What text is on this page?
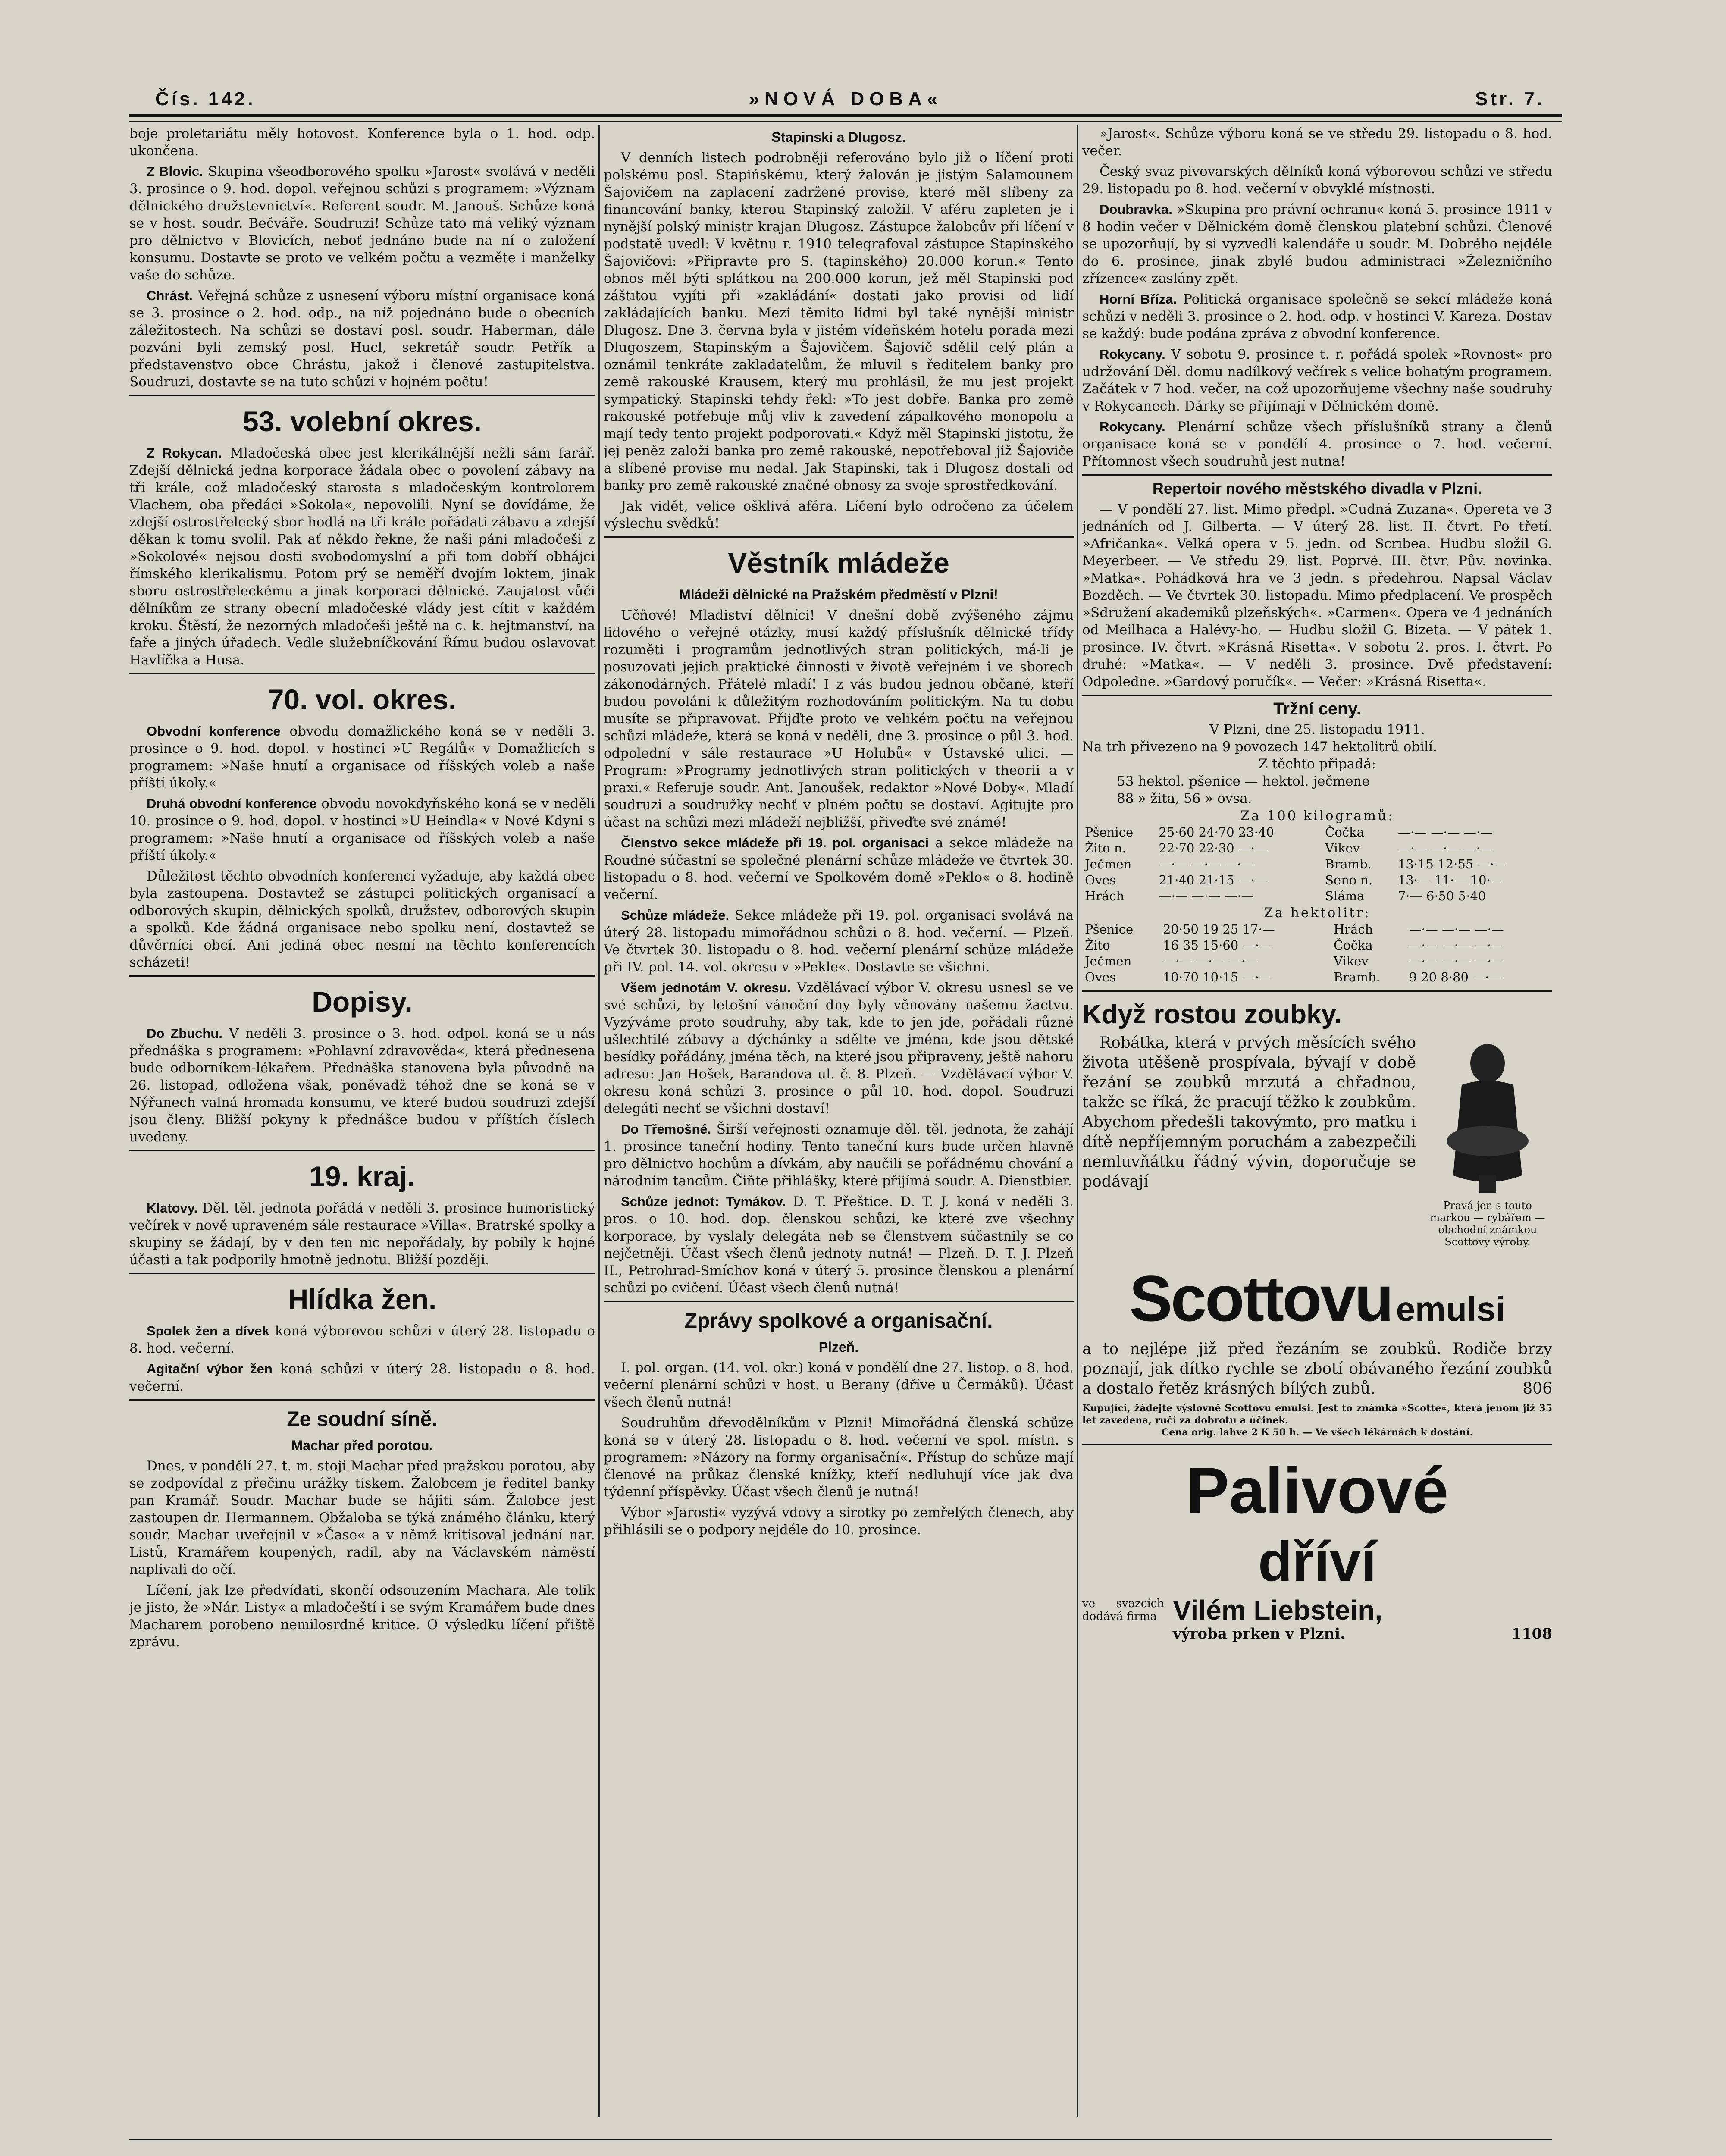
Čís. 142.	»NOVÁ DOBA«	Str. 7.

boje proletariátu měly hotovost. Konference byla o 1. hod. odp. ukončena.

Z Blovic. Skupina všeodborového spolku »Jarost« svolává v neděli 3. prosince o 9. hod. dopol. veřejnou schůzi s programem: »Význam dělnického družstevnictví«. Referent soudr. M. Janouš. Schůze koná se v host. soudr. Bečváře. Soudruzi! Schůze tato má veliký význam pro dělnictvo v Blovicích, neboť jednáno bude na ní o založení konsumu. Dostavte se proto ve velkém počtu a vezměte i manželky vaše do schůze.

Chrást. Veřejná schůze z usnesení výboru místní organisace koná se 3. prosince o 2. hod. odp., na níž pojednáno bude o obecních záležitostech. Na schůzi se dostaví posl. soudr. Haberman, dále pozváni byli zemský posl. Hucl, sekretář soudr. Petřík a představenstvo obce Chrástu, jakož i členové zastupitelstva. Soudruzi, dostavte se na tuto schůzi v hojném počtu!

53. volební okres.

Z Rokycan. Mladočeská obec jest klerikálnější nežli sám farář. Zdejší dělnická jedna korporace žádala obec o povolení zábavy na tři krále, což mladočeský starosta s mladočeským kontrolorem Vlachem, oba předáci »Sokola«, nepovolili. Nyní se dovídáme, že zdejší ostrostřelecký sbor hodlá na tři krále pořádati zábavu a zdejší děkan k tomu svolil. Pak ať někdo řekne, že naši páni mladočeši z »Sokolové« nejsou dosti svobodomyslní a při tom dobří obhájci římského klerikalismu. Potom prý se neměří dvojím loktem, jinak sboru ostrostřeleckému a jinak korporaci dělnické. Zaujatost vůči dělníkům ze strany obecní mladočeské vlády jest cítit v každém kroku. Štěstí, že nezorných mladočeši ještě na c. k. hejtmanství, na faře a jiných úřadech. Vedle služebníčkování Římu budou oslavovat Havlíčka a Husa.

70. vol. okres.

Obvodní konference obvodu domažlického koná se v neděli 3. prosince o 9. hod. dopol. v hostinci »U Regálů« v Domažlicích s programem: »Naše hnutí a organisace od říšských voleb a naše příští úkoly.«

Druhá obvodní konference obvodu novokdyňského koná se v neděli 10. prosince o 9. hod. dopol. v hostinci »U Heindla« v Nové Kdyni s programem: »Naše hnutí a organisace od říšských voleb a naše příští úkoly.«

Důležitost těchto obvodních konferencí vyžaduje, aby každá obec byla zastoupena. Dostavtež se zástupci politických organisací a odborových skupin, dělnických spolků, družstev, odborových skupin a spolků. Kde žádná organisace nebo spolku není, dostavtež se důvěrníci obcí. Ani jediná obec nesmí na těchto konferencích scházeti!

Dopisy.

Do Zbuchu. V neděli 3. prosince o 3. hod. odpol. koná se u nás přednáška s programem: »Pohlavní zdravověda«, která přednesena bude odborníkem-lékařem. Přednáška stanovena byla původně na 26. listopad, odložena však, poněvadž téhož dne se koná se v Nýřanech valná hromada konsumu, ve které budou soudruzi zdejší jsou členy. Bližší pokyny k přednášce budou v příštích číslech uvedeny.

19. kraj.

Klatovy. Děl. těl. jednota pořádá v neděli 3. prosince humoristický večírek v nově upraveném sále restaurace »Villa«. Bratrské spolky a skupiny se žádají, by v den ten nic nepořádaly, by pobily k hojné účasti a tak podporily hmotně jednotu. Bližší později.

Hlídka žen.

Spolek žen a dívek koná výborovou schůzi v úterý 28. listopadu o 8. hod. večerní.

Agitační výbor žen koná schůzi v úterý 28. listopadu o 8. hod. večerní.

Ze soudní síně.
Machar před porotou.

Dnes, v pondělí 27. t. m. stojí Machar před pražskou porotou, aby se zodpovídal z přečinu urážky tiskem. Žalobcem je ředitel banky pan Kramář. Soudr. Machar bude se hájiti sám. Žalobce jest zastoupen dr. Hermannem. Obžaloba se týká známého článku, který soudr. Machar uveřejnil v »Čase« a v němž kritisoval jednání nar. Listů, Kramářem koupených, radil, aby na Václavském náměstí naplivali do očí.

Líčení, jak lze předvídati, skončí odsouzením Machara. Ale tolik je jisto, že »Nár. Listy« a mladočeští i se svým Kramářem bude dnes Macharem porobeno nemilosrdné kritice. O výsledku líčení přiště zprávu.

Stapinski a Dlugosz.

V denních listech podrobněji referováno bylo již o líčení proti polskému posl. Stapińskému, který žalován je jistým Salamounem Šajovičem na zaplacení zadržené provise, které měl slíbeny za financování banky, kterou Stapinský založil. V aféru zapleten je i nynější polský ministr krajan Dlugosz. Zástupce žalobcův při líčení v podstatě uvedl: V květnu r. 1910 telegrafoval zástupce Stapinského Šajovičovi: »Připravte pro S. (tapinského) 20.000 korun.« Tento obnos měl býti splátkou na 200.000 korun, jež měl Stapinski pod záštitou vyjíti při »zakládání« dostati jako provisi od lidí zakládajících banku. Mezi těmito lidmi byl také nynější ministr Dlugosz. Dne 3. června byla v jistém vídeňském hotelu porada mezi Dlugoszem, Stapinským a Šajovičem. Šajovič sdělil celý plán a oznámil tenkráte zakladatelům, že mluvil s ředitelem banky pro země rakouské Krausem, který mu prohlásil, že mu jest projekt sympatický. Stapinski tehdy řekl: »To jest dobře. Banka pro země rakouské potřebuje můj vliv k zavedení zápalkového monopolu a mají tedy tento projekt podporovati.« Když měl Stapinski jistotu, že jej peněz založí banka pro země rakouské, nepotřeboval již Šajoviče a slíbené provise mu nedal. Jak Stapinski, tak i Dlugosz dostali od banky pro země rakouské značné obnosy za svoje sprostředkování.

Jak vidět, velice ošklivá aféra. Líčení bylo odročeno za účelem výslechu svědků!

Věstník mládeže
Mládeži dělnické na Pražském předměstí v Plzni!

Učňové! Mladiství dělníci! V dnešní době zvýšeného zájmu lidového o veřejné otázky, musí každý příslušník dělnické třídy rozuměti i programům jednotlivých stran politických, má-li je posuzovati jejich praktické činnosti v životě veřejném i ve sborech zákonodárných. Přátelé mladí! I z vás budou jednou občané, kteří budou povoláni k důležitým rozhodováním politickým. Na tu dobu musíte se připravovat. Přijďte proto ve velikém počtu na veřejnou schůzi mládeže, která se koná v neděli, dne 3. prosince o půl 3. hod. odpolední v sále restaurace »U Holubů« v Ústavské ulici. — Program: »Programy jednotlivých stran politických v theorii a v praxi.« Referuje soudr. Ant. Janoušek, redaktor »Nové Doby«. Mladí soudruzi a soudružky nechť v plném počtu se dostaví. Agitujte pro účast na schůzi mezi mládeží nejbližší, přiveďte své známé!

Členstvo sekce mládeže při 19. pol. organisaci a sekce mládeže na Roudné súčastní se společné plenární schůze mládeže ve čtvrtek 30. listopadu o 8. hod. večerní ve Spolkovém domě »Peklo« o 8. hodině večerní.

Schůze mládeže. Sekce mládeže při 19. pol. organisaci svolává na úterý 28. listopadu mimořádnou schůzi o 8. hod. večerní. — Plzeň. Ve čtvrtek 30. listopadu o 8. hod. večerní plenární schůze mládeže při IV. pol. 14. vol. okresu v »Pekle«. Dostavte se všichni.

Všem jednotám V. okresu. Vzdělávací výbor V. okresu usnesl se ve své schůzi, by letošní vánoční dny byly věnovány našemu žactvu. Vyzýváme proto soudruhy, aby tak, kde to jen jde, pořádali různé ušlechtilé zábavy a dýchánky a sdělte ve jména, kde jsou dětské besídky pořádány, jména těch, na které jsou připraveny, ještě nahoru adresu: Jan Hošek, Barandova ul. č. 8. Plzeň. — Vzdělávací výbor V. okresu koná schůzi 3. prosince o půl 10. hod. dopol. Soudruzi delegáti nechť se všichni dostaví!

Do Třemošné. Širší veřejnosti oznamuje děl. těl. jednota, že zahájí 1. prosince taneční hodiny. Tento taneční kurs bude určen hlavně pro dělnictvo hochům a dívkám, aby naučili se pořádnému chování a národním tancům. Čiňte přihlášky, které přijímá soudr. A. Dienstbier.

Schůze jednot: Tymákov. D. T. Přeštice. D. T. J. koná v neděli 3. pros. o 10. hod. dop. členskou schůzi, ke které zve všechny korporace, by vyslaly delegáta neb se členstvem súčastnily se co nejčetněji. Účast všech členů jednoty nutná! — Plzeň. D. T. J. Plzeň II., Petrohrad-Smíchov koná v úterý 5. prosince členskou a plenární schůzi po cvičení. Účast všech členů nutná!

Zprávy spolkové a organisační.
Plzeň.

I. pol. organ. (14. vol. okr.) koná v pondělí dne 27. listop. o 8. hod. večerní plenární schůzi v host. u Berany (dříve u Čermáků). Účast všech členů nutná!

Soudruhům dřevodělníkům v Plzni! Mimořádná členská schůze koná se v úterý 28. listopadu o 8. hod. večerní ve spol. místn. s programem: »Názory na formy organisační«. Přístup do schůze mají členové na průkaz členské knížky, kteří nedluhují více jak dva týdenní příspěvky. Účast všech členů je nutná!

Výbor »Jarosti« vyzývá vdovy a sirotky po zemřelých členech, aby přihlásili se o podpory nejdéle do 10. prosince.

»Jarost«. Schůze výboru koná se ve středu 29. listopadu o 8. hod. večer.

Český svaz pivovarských dělníků koná výborovou schůzi ve středu 29. listopadu po 8. hod. večerní v obvyklé místnosti.

Doubravka. »Skupina pro právní ochranu« koná 5. prosince 1911 v 8 hodin večer v Dělnickém domě členskou platební schůzi. Členové se upozorňují, by si vyzvedli kalendáře u soudr. M. Dobrého nejdéle do 6. prosince, jinak zbylé budou administraci »Železničního zřízence« zaslány zpět.

Horní Bříza. Politická organisace společně se sekcí mládeže koná schůzi v neděli 3. prosince o 2. hod. odp. v hostinci V. Kareza. Dostav se každý: bude podána zpráva z obvodní konference.

Rokycany. V sobotu 9. prosince t. r. pořádá spolek »Rovnost« pro udržování Děl. domu nadílkový večírek s velice bohatým programem. Začátek v 7 hod. večer, na což upozorňujeme všechny naše soudruhy v Rokycanech. Dárky se přijímají v Dělnickém domě.

Rokycany. Plenární schůze všech příslušníků strany a členů organisace koná se v pondělí 4. prosince o 7. hod. večerní. Přítomnost všech soudruhů jest nutna!

Repertoir nového městského divadla v Plzni.

— V pondělí 27. list. Mimo předpl. »Cudná Zuzana«. Opereta ve 3 jednáních od J. Gilberta. — V úterý 28. list. II. čtvrt. Po třetí. »Afričanka«. Velká opera v 5. jedn. od Scribea. Hudbu složil G. Meyerbeer. — Ve středu 29. list. Poprvé. III. čtvr. Pův. novinka. »Matka«. Pohádková hra ve 3 jedn. s předehrou. Napsal Václav Bozděch. — Ve čtvrtek 30. listopadu. Mimo předplacení. Ve prospěch »Sdružení akademiků plzeňských«. »Carmen«. Opera ve 4 jednáních od Meilhaca a Halévy-ho. — Hudbu složil G. Bizeta. — V pátek 1. prosince. IV. čtvrt. »Krásná Risetta«. V sobotu 2. pros. I. čtvrt. Po druhé: »Matka«. — V neděli 3. prosince. Dvě představení: Odpoledne. »Gardový poručík«. — Večer: »Krásná Risetta«.

Tržní ceny.
V Plzni, dne 25. listopadu 1911.
Na trh přivezeno na 9 povozech 147 hektolitrů obilí.
Z těchto připadá:
53 hektol. pšenice — hektol. ječmene
88 » žita, 56 » ovsa.
Za 100 kilogramů:
Pšenice	25·60 24·70 23·40	Čočka	—·— —·— —·—
Žito n.	22·70 22·30 —·—	Vikev	—·— —·— —·—
Ječmen	—·— —·— —·—	Bramb.	13·15 12·55 —·—
Oves	21·40 21·15 —·—	Seno n.	13·— 11·— 10·—
Hrách	—·— —·— —·—	Sláma	7·— 6·50 5·40
Za hektolitr:
Pšenice	20·50 19 25 17·—	Hrách	—·— —·— —·—
Žito	16 35 15·60 —·—	Čočka	—·— —·— —·—
Ječmen	—·— —·— —·—	Vikev	—·— —·— —·—
Oves	10·70 10·15 —·—	Bramb.	9 20 8·80 —·—
Když rostou zoubky.
Pravá jen s touto markou — rybářem — obchodní známkou Scottovy výroby.

Robátka, která v prvých měsících svého života utěšeně prospívala, bývají v době řezání se zoubků mrzutá a chřadnou, takže se říká, že pracují těžko k zoubkům. Abychom předešli takovýmto, pro matku i dítě nepříjemným poruchám a zabezpečili nemluvňátku řádný vývin, doporučuje se podávají

Scottovu emulsi

a to nejlépe již před řezáním se zoubků. Rodiče brzy poznají, jak dítko rychle se zbotí obávaného řezání zoubků a dostalo řetěz krásných bílých zubů.	806

Kupující, žádejte výslovně Scottovu emulsi. Jest to známka »Scotte«, která jenom již 35 let zavedena, ručí za dobrotu a účinek.
Cena orig. lahve 2 K 50 h. — Ve všech lékárnách k dostání.
Palivové
dříví
ve svazcích dodává firma Vilém Liebstein,
výroba prken v Plzni.	1108
